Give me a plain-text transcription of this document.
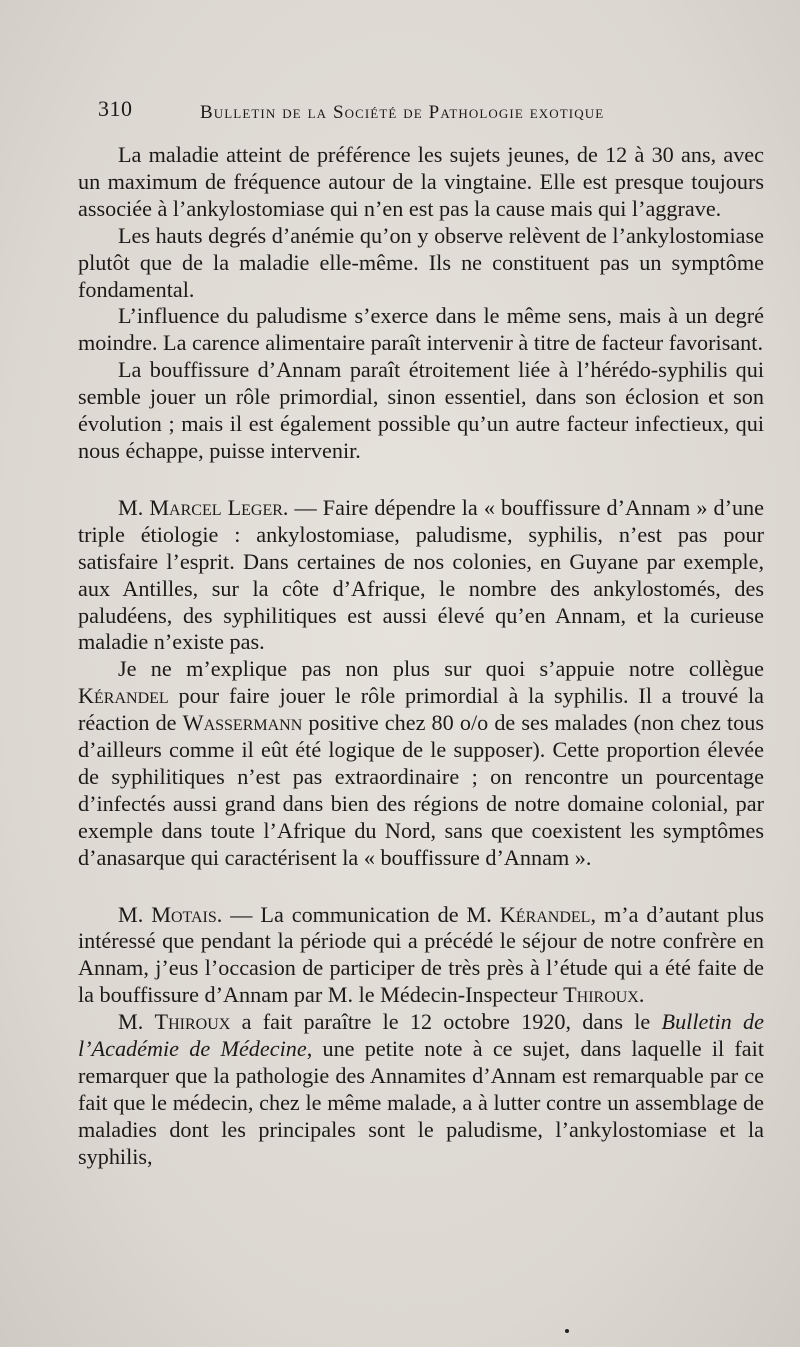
310	Bulletin de la Société de Pathologie exotique

La maladie atteint de préférence les sujets jeunes, de 12 à 30 ans, avec un maximum de fréquence autour de la vingtaine. Elle est presque toujours associée à l’ankylostomiase qui n’en est pas la cause mais qui l’aggrave.

Les hauts degrés d’anémie qu’on y observe relèvent de l’ankylostomiase plutôt que de la maladie elle-même. Ils ne constituent pas un symptôme fondamental.

L’influence du paludisme s’exerce dans le même sens, mais à un degré moindre. La carence alimentaire paraît intervenir à titre de facteur favorisant.

La bouffissure d’Annam paraît étroitement liée à l’hérédo-syphilis qui semble jouer un rôle primordial, sinon essentiel, dans son éclosion et son évolution ; mais il est également possible qu’un autre facteur infectieux, qui nous échappe, puisse intervenir.

M. Marcel Leger. — Faire dépendre la « bouffissure d’Annam » d’une triple étiologie : ankylostomiase, paludisme, syphilis, n’est pas pour satisfaire l’esprit. Dans certaines de nos colonies, en Guyane par exemple, aux Antilles, sur la côte d’Afrique, le nombre des ankylostomés, des paludéens, des syphilitiques est aussi élevé qu’en Annam, et la curieuse maladie n’existe pas.

Je ne m’explique pas non plus sur quoi s’appuie notre collègue Kérandel pour faire jouer le rôle primordial à la syphilis. Il a trouvé la réaction de Wassermann positive chez 80 o/o de ses malades (non chez tous d’ailleurs comme il eût été logique de le supposer). Cette proportion élevée de syphilitiques n’est pas extraordinaire ; on rencontre un pourcentage d’infectés aussi grand dans bien des régions de notre domaine colonial, par exemple dans toute l’Afrique du Nord, sans que coexistent les symptômes d’anasarque qui caractérisent la « bouffissure d’Annam ».

M. Motais. — La communication de M. Kérandel, m’a d’autant plus intéressé que pendant la période qui a précédé le séjour de notre confrère en Annam, j’eus l’occasion de participer de très près à l’étude qui a été faite de la bouffissure d’Annam par M. le Médecin-Inspecteur Thiroux.

M. Thiroux a fait paraître le 12 octobre 1920, dans le Bulletin de l’Académie de Médecine, une petite note à ce sujet, dans laquelle il fait remarquer que la pathologie des Annamites d’Annam est remarquable par ce fait que le médecin, chez le même malade, a à lutter contre un assemblage de maladies dont les principales sont le paludisme, l’ankylostomiase et la syphilis,
